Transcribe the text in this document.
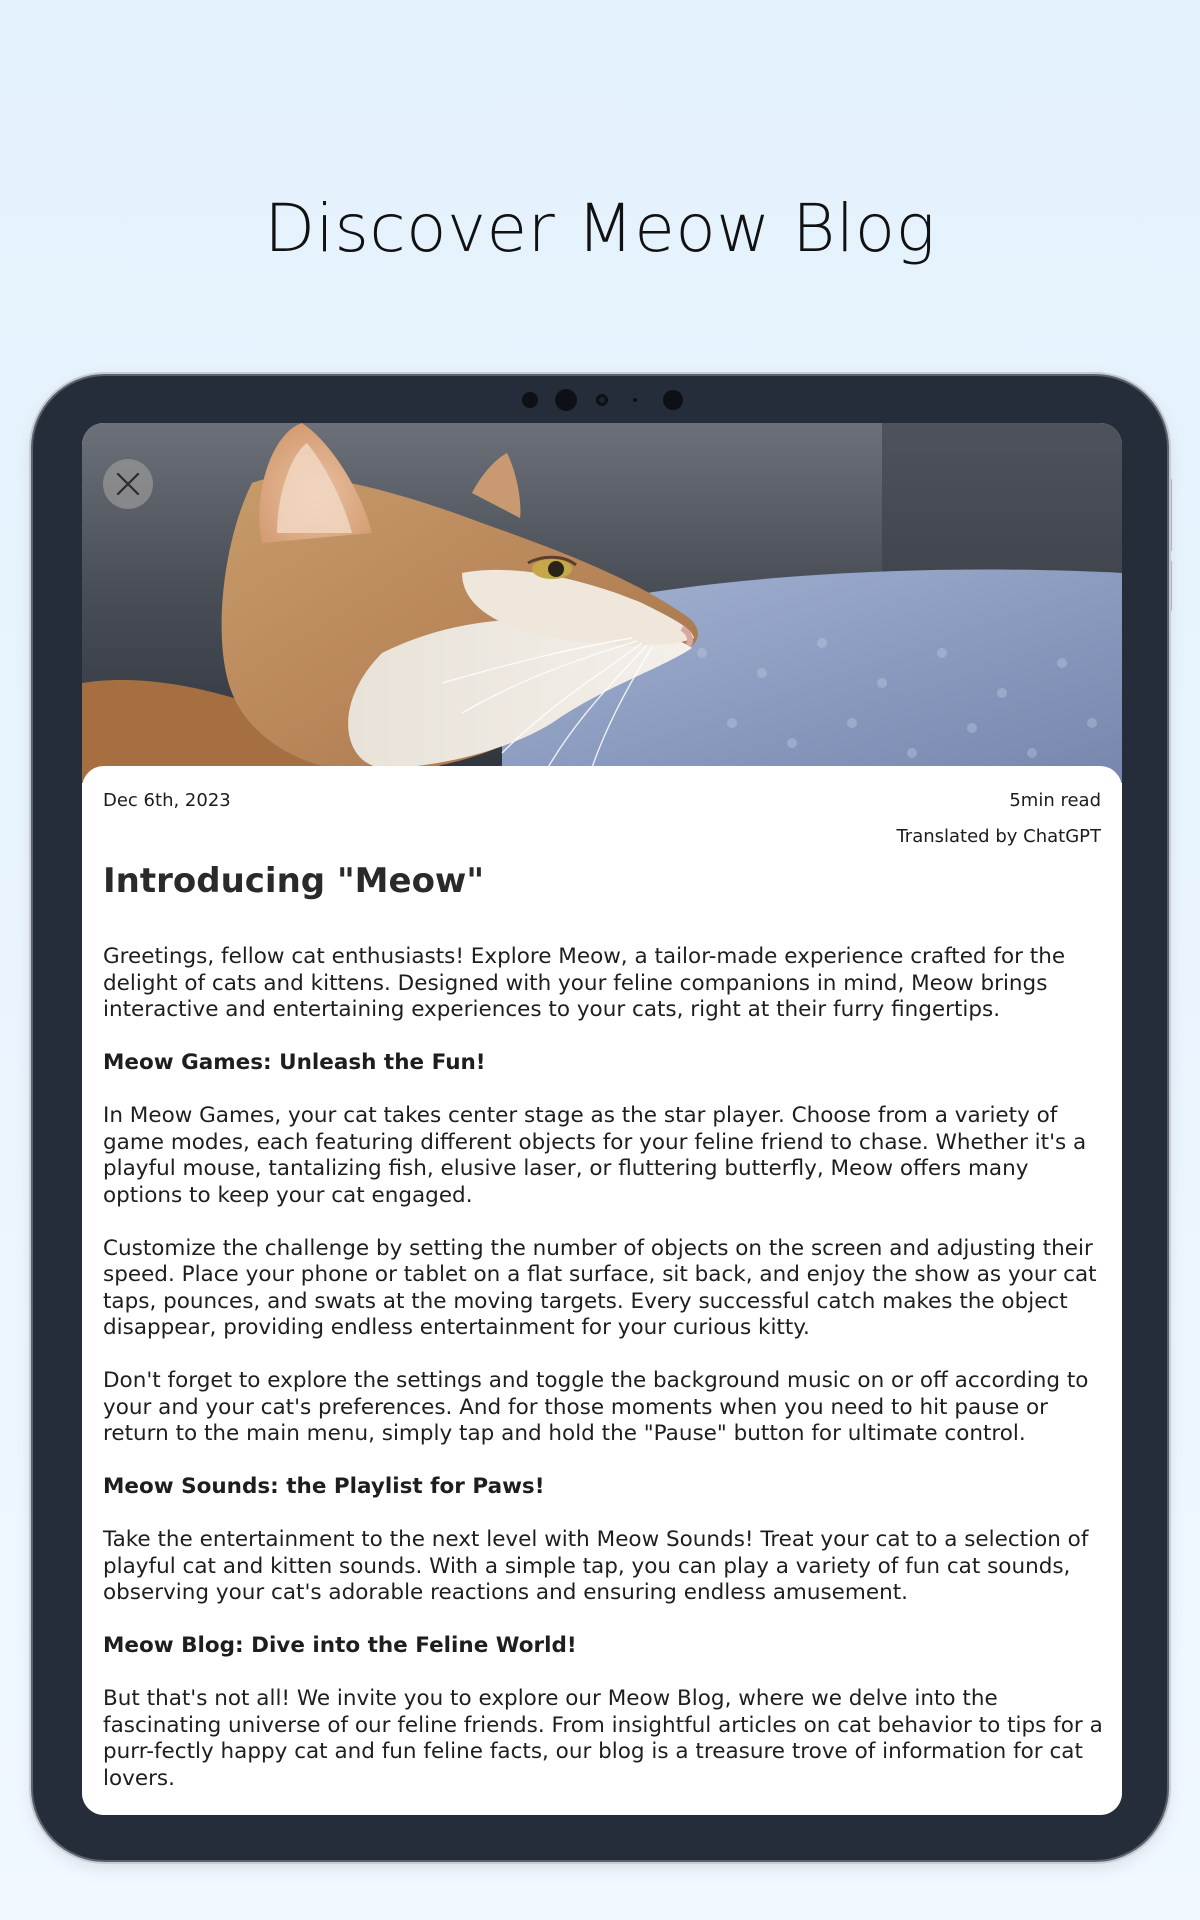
Discover Meow Blog
Dec 6th, 2023	5min read
Translated by ChatGPT
Introducing "Meow"

Greetings, fellow cat enthusiasts! Explore Meow, a tailor-made experience crafted for the delight of cats and kittens. Designed with your feline companions in mind, Meow brings interactive and entertaining experiences to your cats, right at their furry fingertips.

Meow Games: Unleash the Fun!

In Meow Games, your cat takes center stage as the star player. Choose from a variety of game modes, each featuring different objects for your feline friend to chase. Whether it's a playful mouse, tantalizing fish, elusive laser, or fluttering butterfly, Meow offers many options to keep your cat engaged.

Customize the challenge by setting the number of objects on the screen and adjusting their speed. Place your phone or tablet on a flat surface, sit back, and enjoy the show as your cat taps, pounces, and swats at the moving targets. Every successful catch makes the object disappear, providing endless entertainment for your curious kitty.

Don't forget to explore the settings and toggle the background music on or off according to your and your cat's preferences. And for those moments when you need to hit pause or return to the main menu, simply tap and hold the "Pause" button for ultimate control.

Meow Sounds: the Playlist for Paws!

Take the entertainment to the next level with Meow Sounds! Treat your cat to a selection of playful cat and kitten sounds. With a simple tap, you can play a variety of fun cat sounds, observing your cat's adorable reactions and ensuring endless amusement.

Meow Blog: Dive into the Feline World!

But that's not all! We invite you to explore our Meow Blog, where we delve into the fascinating universe of our feline friends. From insightful articles on cat behavior to tips for a purr-fectly happy cat and fun feline facts, our blog is a treasure trove of information for cat lovers.
